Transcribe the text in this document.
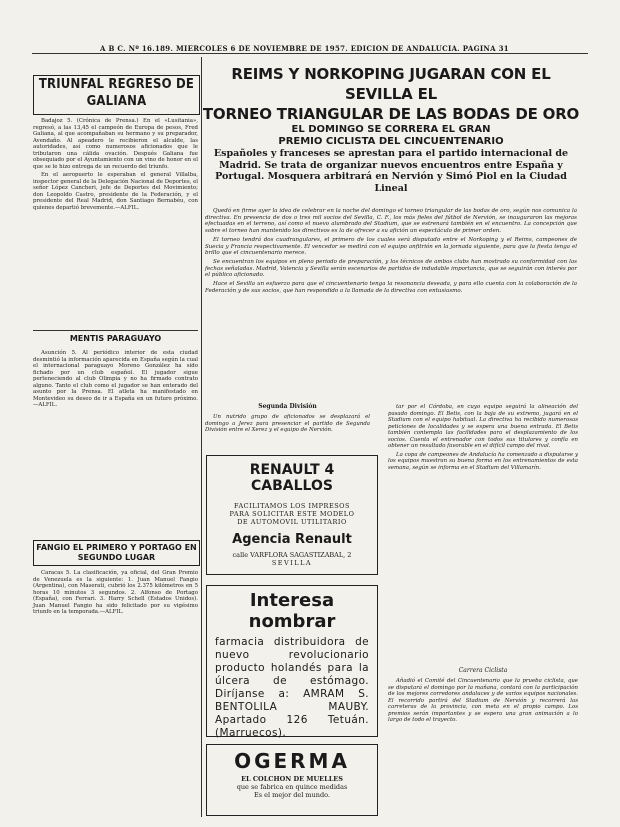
A B C. Nº 16.189. MIERCOLES 6 DE NOVIEMBRE DE 1957. EDICION DE ANDALUCIA. PAGINA 31
TRIUNFAL REGRESO DE GALIANA

Badajoz 5. (Crónica de Prensa.) En el «Lusitania», regresó, a las 13,45 el campeón de Europa de pesos, Fred Galiana, al que acompañaban su hermano y su preparador, Avendaño. Al apeadero le recibieron el alcalde, las autoridades, así como numerosos aficionados que le tributaron una cálida ovación. Después Galiana fue obsequiado por el Ayuntamiento con un vino de honor en el que se le hizo entrega de un recuerdo del triunfo.

En el aeropuerto le esperaban el general Villalba, inspector general de la Delegación Nacional de Deportes, el señor López Cancheri, jefe de Deportes del Movimiento; don Leopoldo Castro, presidente de la Federación, y el presidente del Real Madrid, don Santiago Bernabéu, con quienes departió brevemente.—ALFIL.

MENTIS PARAGUAYO

Asunción 5. Al periódico interior de esta ciudad desmintió la información aparecida en España según la cual el internacional paraguayo Moreno González ha sido fichado por un club español. El jugador sigue perteneciendo al club Olimpia y no ha firmado contrato alguno. Tanto el club como el jugador se han enterado del asunto por la Prensa. El atleta ha manifestado en Montevideo su deseo de ir a España en un futuro próximo.—ALFIL.

FANGIO EL PRIMERO Y PORTAGO EN SEGUNDO LUGAR

Caracas 5. La clasificación, ya oficial, del Gran Premio de Venezuela es la siguiente: 1. Juan Manuel Fangio (Argentina), con Maserati, cubrió los 2.375 kilómetros en 5 horas 10 minutos 3 segundos. 2. Alfonso de Portago (España), con Ferrari. 3. Harry Schell (Estados Unidos). Juan Manuel Fangio ha sido felicitado por su vigésimo triunfo en la temporada.—ALFIL.

REIMS Y NORKOPING JUGARAN CON EL SEVILLA EL
TORNEO TRIANGULAR DE LAS BODAS DE ORO
EL DOMINGO SE CORRERA EL GRAN
PREMIO CICLISTA DEL CINCUENTENARIO
Españoles y franceses se aprestan para el partido internacional de Madrid. Se trata de organizar nuevos encuentros entre España y Portugal. Mosquera arbitrará en Nervión y Simó Piol en la Ciudad Lineal

Quedó en firme ayer la idea de celebrar en la noche del domingo el torneo triangular de las bodas de oro, según nos comunica la directiva. En presencia de dos o tres mil socios del Sevilla, C. F., los más fieles del fútbol de Nervión, se inauguraron las mejoras efectuadas en el terreno, así como el nuevo alumbrado del Stadium, que se estrenará también en el encuentro. La concepción que sobre el torneo han mantenido los directivos es la de ofrecer a su afición un espectáculo de primer orden.

El torneo tendrá dos cuadrangulares, el primero de los cuales será disputado entre el Norkoping y el Reims, campeones de Suecia y Francia respectivamente. El vencedor se medirá con el equipo anfitrión en la jornada siguiente, para que la fiesta tenga el brillo que el cincuentenario merece.

Se encuentran los equipos en pleno periodo de preparación, y los técnicos de ambos clubs han mostrado su conformidad con las fechas señaladas. Madrid, Valencia y Sevilla serán escenarios de partidos de indudable importancia, que se seguirán con interés por el público aficionado.

Hace el Sevilla un esfuerzo para que el cincuentenario tenga la resonancia deseada, y para ello cuenta con la colaboración de la Federación y de sus socios, que han respondido a la llamada de la directiva con entusiasmo.

Segunda División

Un nutrido grupo de aficionados se desplazará el domingo a Jerez para presenciar el partido de Segunda División entre el Xerez y el equipo de Nervión.

tar por el Córdoba, en cuyo equipo seguirá la alineación del pasado domingo. El Betis, con la baja de su extremo, jugará en el Stadium con el equipo habitual. La directiva ha recibido numerosas peticiones de localidades y se espera una buena entrada. El Betis también contempla las facilidades para el desplazamiento de los socios. Cuenta el entrenador con todos sus titulares y confía en obtener un resultado favorable en el difícil campo del rival.

La copa de campeones de Andalucía ha comenzado a disputarse y los equipos muestran su buena forma en los entrenamientos de esta semana, según se informa en el Stadium del Villamarín.

Carrera Ciclista

Añadió el Comité del Cincuentenario que la prueba ciclista, que se disputará el domingo por la mañana, contará con la participación de los mejores corredores andaluces y de varios equipos nacionales. El recorrido partirá del Stadium de Nervión y recorrerá las carreteras de la provincia, con meta en el propio campo. Los premios serán importantes y se espera una gran animación a lo largo de todo el trayecto.

RENAULT 4 CABALLOS
FACILITAMOS LOS IMPRESOS
PARA SOLICITAR ESTE MODELO
DE AUTOMOVIL UTILITARIO
Agencia Renault
calle VARFLORA SAGASTIZABAL, 2
SEVILLA
Interesa nombrar
farmacia distribuidora de nuevo revolucionario producto holandés para la úlcera de estómago. Diríjanse a: AMRAM S. BENTOLILA MAUBY. Apartado 126 Tetuán. (Marruecos).
OGERMA
EL COLCHON DE MUELLES
que se fabrica en quince medidas
Es el mejor del mundo.
